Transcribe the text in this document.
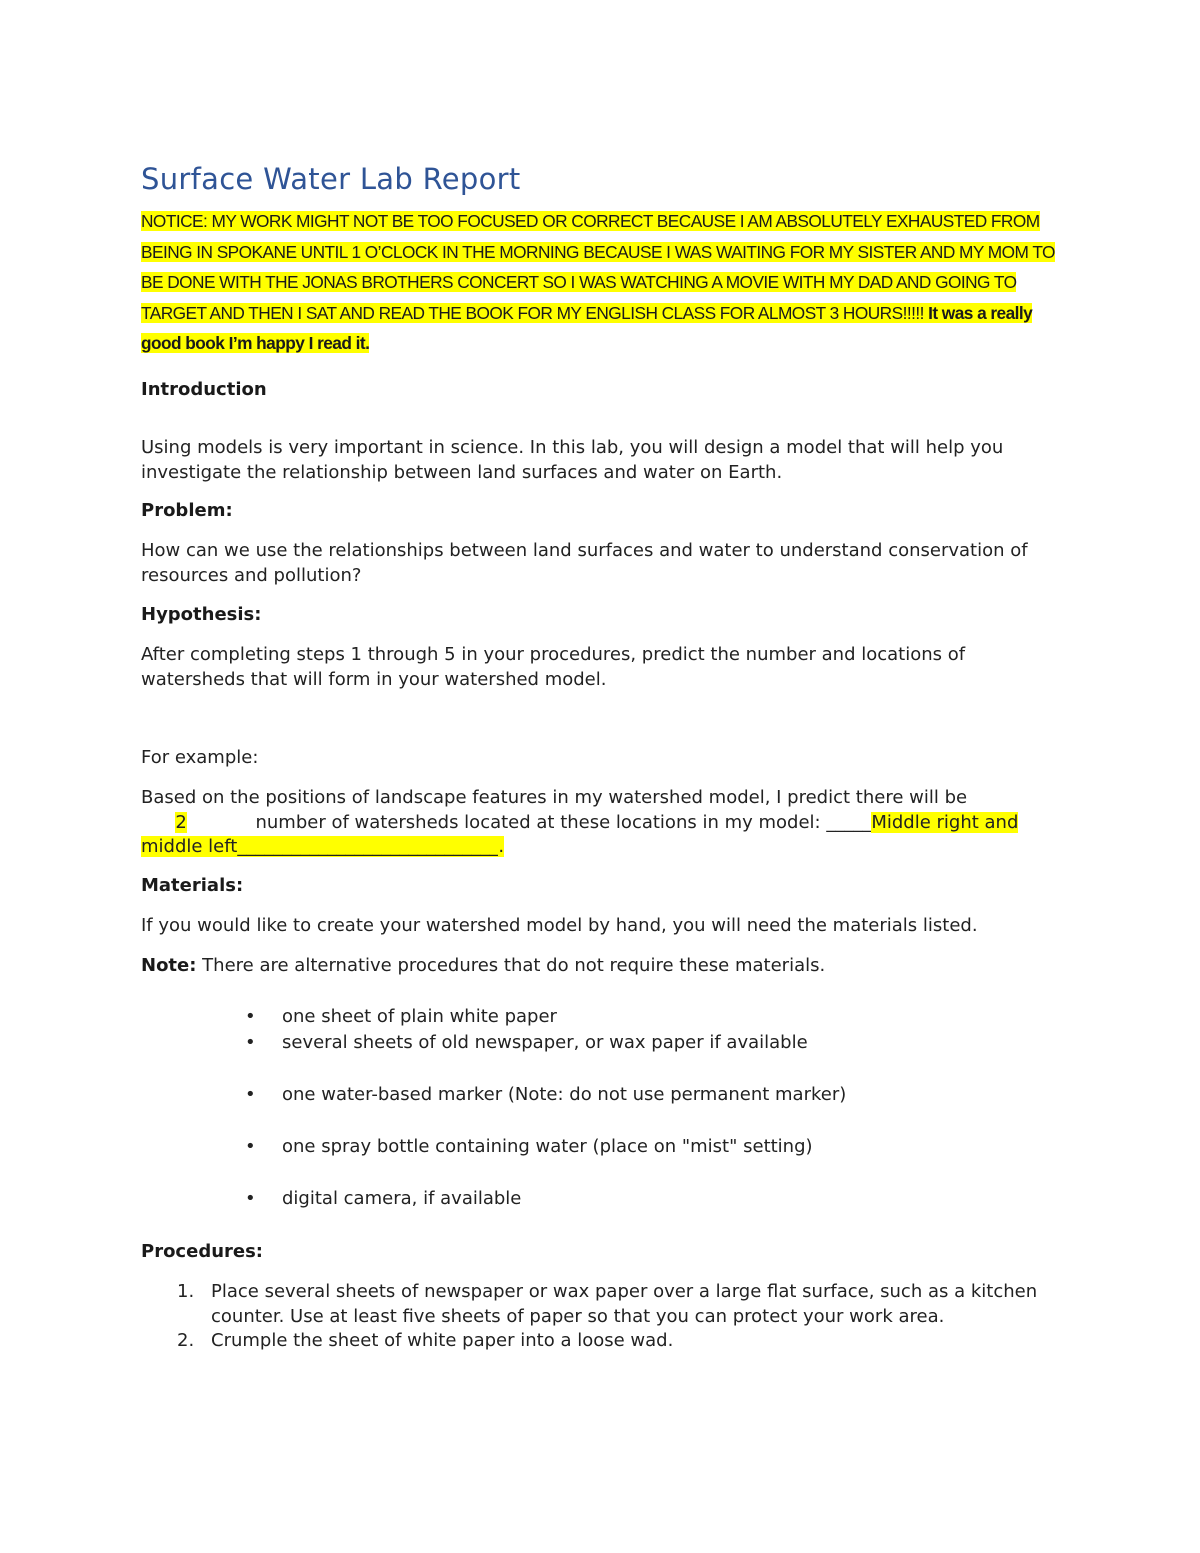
Surface Water Lab Report

NOTICE: MY WORK MIGHT NOT BE TOO FOCUSED OR CORRECT BECAUSE I AM ABSOLUTELY EXHAUSTED FROM BEING IN SPOKANE UNTIL 1 O’CLOCK IN THE MORNING BECAUSE I WAS WAITING FOR MY SISTER AND MY MOM TO BE DONE WITH THE JONAS BROTHERS CONCERT SO I WAS WATCHING A MOVIE WITH MY DAD AND GOING TO TARGET AND THEN I SAT AND READ THE BOOK FOR MY ENGLISH CLASS FOR ALMOST 3 HOURS!!!!! It was a really good book I’m happy I read it.

Introduction

Using models is very important in science. In this lab, you will design a model that will help you investigate the relationship between land surfaces and water on Earth.

Problem:

How can we use the relationships between land surfaces and water to understand conservation of resources and pollution?

Hypothesis:

After completing steps 1 through 5 in your procedures, predict the number and locations of watersheds that will form in your watershed model.

For example:

Based on the positions of landscape features in my watershed model, I predict there will be
2	number of watersheds located at these locations in my model: _____Middle right and middle left_____________________________.

Materials:

If you would like to create your watershed model by hand, you will need the materials listed.

Note: There are alternative procedures that do not require these materials.

• one sheet of plain white paper
• several sheets of old newspaper, or wax paper if available
• one water-based marker (Note: do not use permanent marker)
• one spray bottle containing water (place on "mist" setting)
• digital camera, if available
Procedures:
1. Place several sheets of newspaper or wax paper over a large flat surface, such as a kitchen counter. Use at least five sheets of paper so that you can protect your work area.
2. Crumple the sheet of white paper into a loose wad.
